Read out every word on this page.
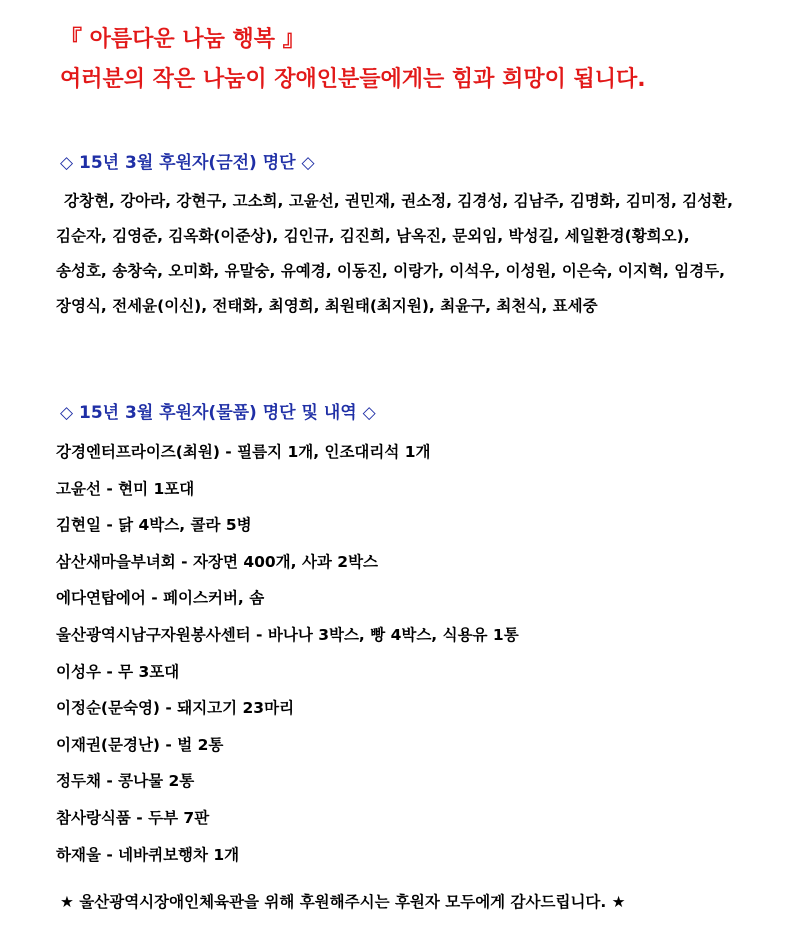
『 아름다운 나눔 행복 』
여러분의 작은 나눔이 장애인분들에게는 힘과 희망이 됩니다.
◇ 15년 3월 후원자(금전) 명단 ◇
강창현, 강아라, 강현구, 고소희, 고윤선, 권민재, 권소정, 김경성, 김남주, 김명화, 김미정, 김성환, 김순자, 김영준, 김옥화(이준상), 김인규, 김진희, 남옥진, 문외임, 박성길, 세일환경(황희오), 송성호, 송창숙, 오미화, 유말숭, 유예경, 이동진, 이랑가, 이석우, 이성원, 이은숙, 이지혁, 임경두, 장영식, 전세윤(이신), 전태화, 최영희, 최원태(최지원), 최윤구, 최천식, 표세중
◇ 15년 3월 후원자(물품) 명단 및 내역 ◇
강경엔터프라이즈(최원) - 필름지 1개, 인조대리석 1개
고윤선 - 현미 1포대
김현일 - 닭 4박스, 콜라 5병
삼산새마을부녀회 - 자장면 400개, 사과 2박스
에다연탑에어 - 페이스커버, 솜
울산광역시남구자원봉사센터 - 바나나 3박스, 빵 4박스, 식용유 1통
이성우 - 무 3포대
이정순(문숙영) - 돼지고기 23마리
이재권(문경난) - 벌 2통
정두채 - 콩나물 2통
참사랑식품 - 두부 7판
하재울 - 네바퀴보행차 1개
★ 울산광역시장애인체육관을 위해 후원해주시는 후원자 모두에게 감사드립니다. ★
